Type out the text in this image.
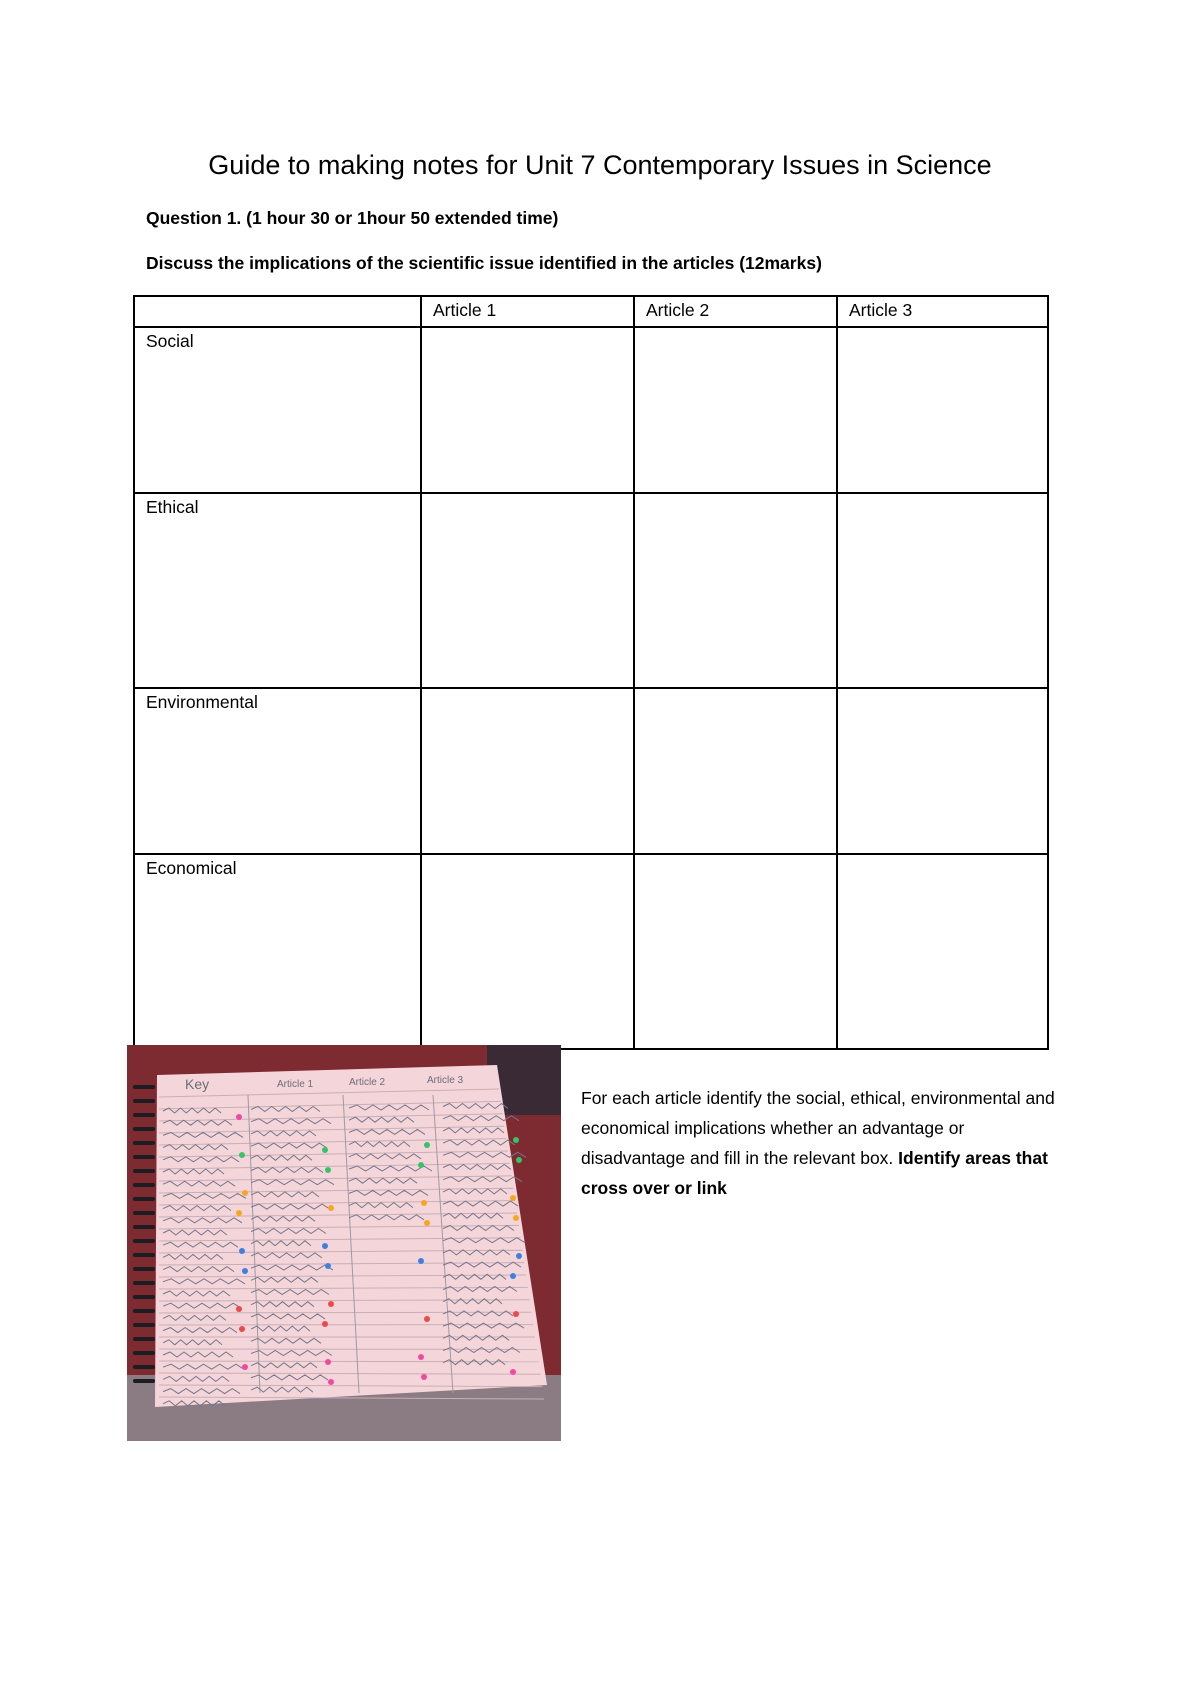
Guide to making notes for Unit 7 Contemporary Issues in Science
Question 1. (1 hour 30 or 1hour 50 extended time)
Discuss the implications of the scientific issue identified in the articles (12marks)
	Article 1	Article 2	Article 3
Social			
Ethical			
Environmental			
Economical			
Key	Article 1	Article 2	Article 3
For each article identify the social, ethical, environmental and economical implications whether an advantage or disadvantage and fill in the relevant box. Identify areas that cross over or link
